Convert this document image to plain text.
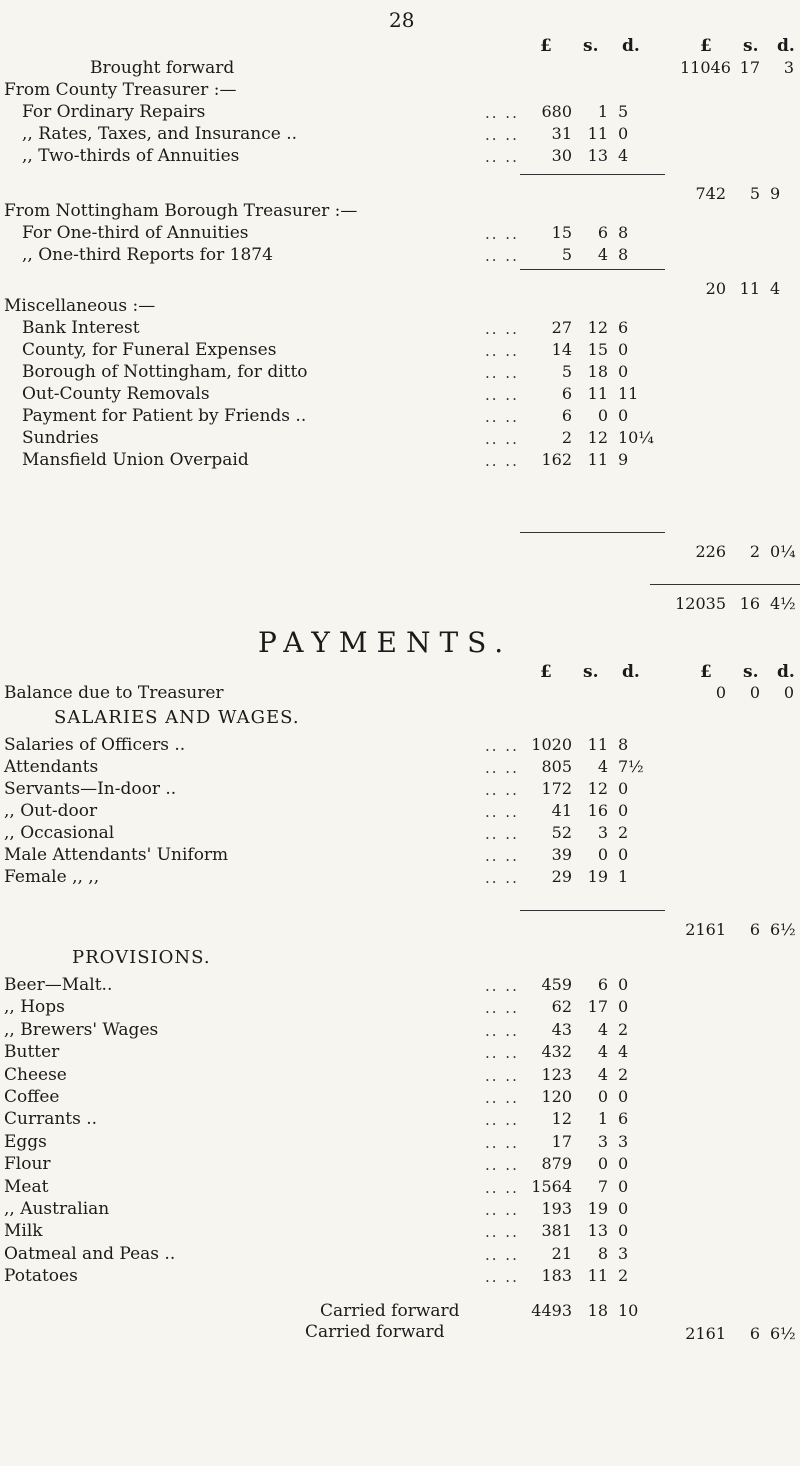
28
£ s. d.	£ s. d.
Brought forward	11046 17	3
From County Treasurer :—
For Ordinary Repairs	.. ..	680	1 5
,, Rates, Taxes, and Insurance ..	.. ..	31 11 0
,, Two-thirds of Annuities	.. ..	30 13 4
742	5 9
From Nottingham Borough Treasurer :—
For One-third of Annuities	.. ..	15	6 8
,, One-third Reports for 1874	.. ..	5	4 8
20 11 4
Miscellaneous :—
Bank Interest	.. ..	27 12 6
County, for Funeral Expenses	.. ..	14 15 0
Borough of Nottingham, for ditto	.. ..	5 18 0
Out-County Removals	.. ..	6 11 11
Payment for Patient by Friends ..	.. ..	6	0 0
Sundries	.. ..	2 12 10¼
Mansfield Union Overpaid	.. ..	162 11 9
226	2 0¼
12035 16 4½
PAYMENTS.
£ s. d.	£ s. d.
Balance due to Treasurer	0	0	0
SALARIES AND WAGES.
Salaries of Officers ..	.. .. 1020 11 8
Attendants	.. ..	805	4 7½
Servants—In-door ..	.. ..	172 12 0
,, Out-door	.. ..	41 16 0
,, Occasional	.. ..	52	3 2
Male Attendants' Uniform	.. ..	39	0 0
Female ,, ,,	.. ..	29 19 1
2161	6 6½
PROVISIONS.
Beer—Malt..	.. ..	459	6 0
,, Hops	.. ..	62 17 0
,, Brewers' Wages	.. ..	43	4 2
Butter	.. ..	432	4 4
Cheese	.. ..	123	4 2
Coffee	.. ..	120	0 0
Currants ..	.. ..	12	1 6
Eggs	.. ..	17	3 3
Flour	.. ..	879	0 0
Meat	.. .. 1564	7 0
,, Australian	.. ..	193 19 0
Milk	.. ..	381 13 0
Oatmeal and Peas ..	.. ..	21	8 3
Potatoes	.. ..	183 11 2
Carried forward	4493 18 10
Carried forward	2161	6 6½
